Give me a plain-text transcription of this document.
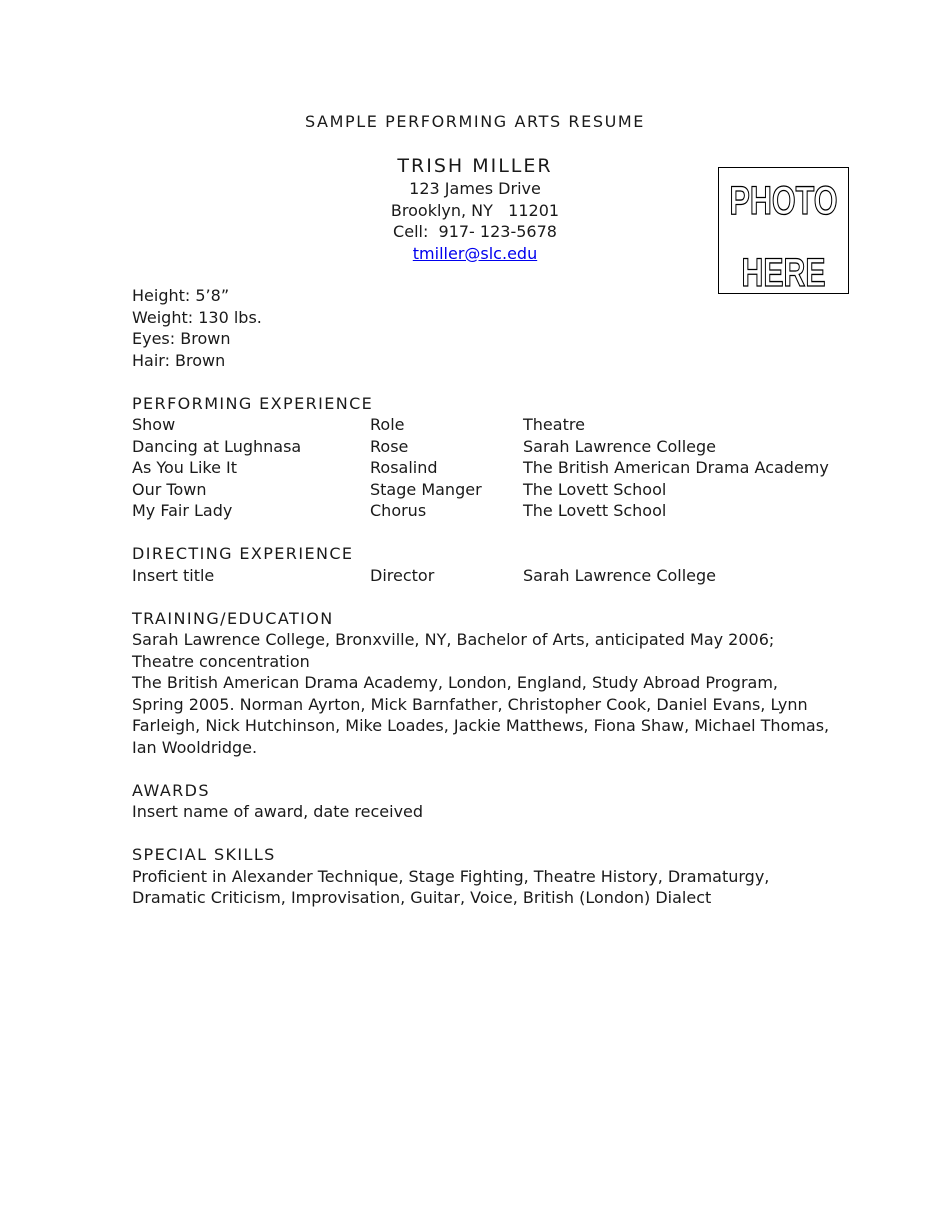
SAMPLE PERFORMING ARTS RESUME
TRISH MILLER
123 James Drive
Brooklyn, NY   11201
Cell:  917- 123-5678
tmiller@slc.edu
PHOTO
HERE
Height: 5’8”
Weight: 130 lbs.
Eyes: Brown
Hair: Brown
PERFORMING EXPERIENCE
Show	Role	Theatre
Dancing at Lughnasa	Rose	Sarah Lawrence College
As You Like It	Rosalind	The British American Drama Academy
Our Town	Stage Manger	The Lovett School
My Fair Lady	Chorus	The Lovett School
DIRECTING EXPERIENCE
Insert title	Director	Sarah Lawrence College
TRAINING/EDUCATION
Sarah Lawrence College, Bronxville, NY, Bachelor of Arts, anticipated May 2006; Theatre concentration
The British American Drama Academy, London, England, Study Abroad Program, Spring 2005. Norman Ayrton, Mick Barnfather, Christopher Cook, Daniel Evans, Lynn Farleigh, Nick Hutchinson, Mike Loades, Jackie Matthews, Fiona Shaw, Michael Thomas, Ian Wooldridge.
AWARDS
Insert name of award, date received
SPECIAL SKILLS
Proficient in Alexander Technique, Stage Fighting, Theatre History, Dramaturgy, Dramatic Criticism, Improvisation, Guitar, Voice, British (London) Dialect
